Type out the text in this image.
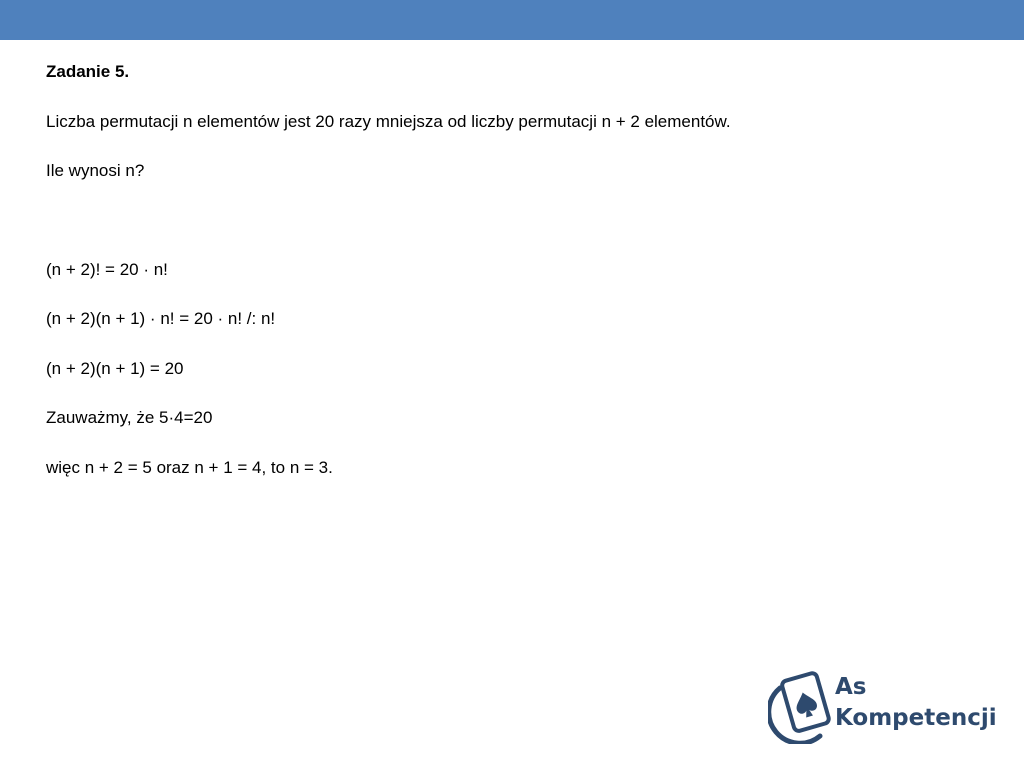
Zadanie 5.

Liczba permutacji n elementów jest 20 razy mniejsza od liczby permutacji n + 2 elementów.

Ile wynosi n?

(n + 2)! = 20 · n!

(n + 2)(n + 1) · n! = 20 · n! /: n!

(n + 2)(n + 1) = 20

Zauważmy, że 5·4=20

więc n + 2 = 5 oraz n + 1 = 4, to n = 3.

As
Kompetencji
